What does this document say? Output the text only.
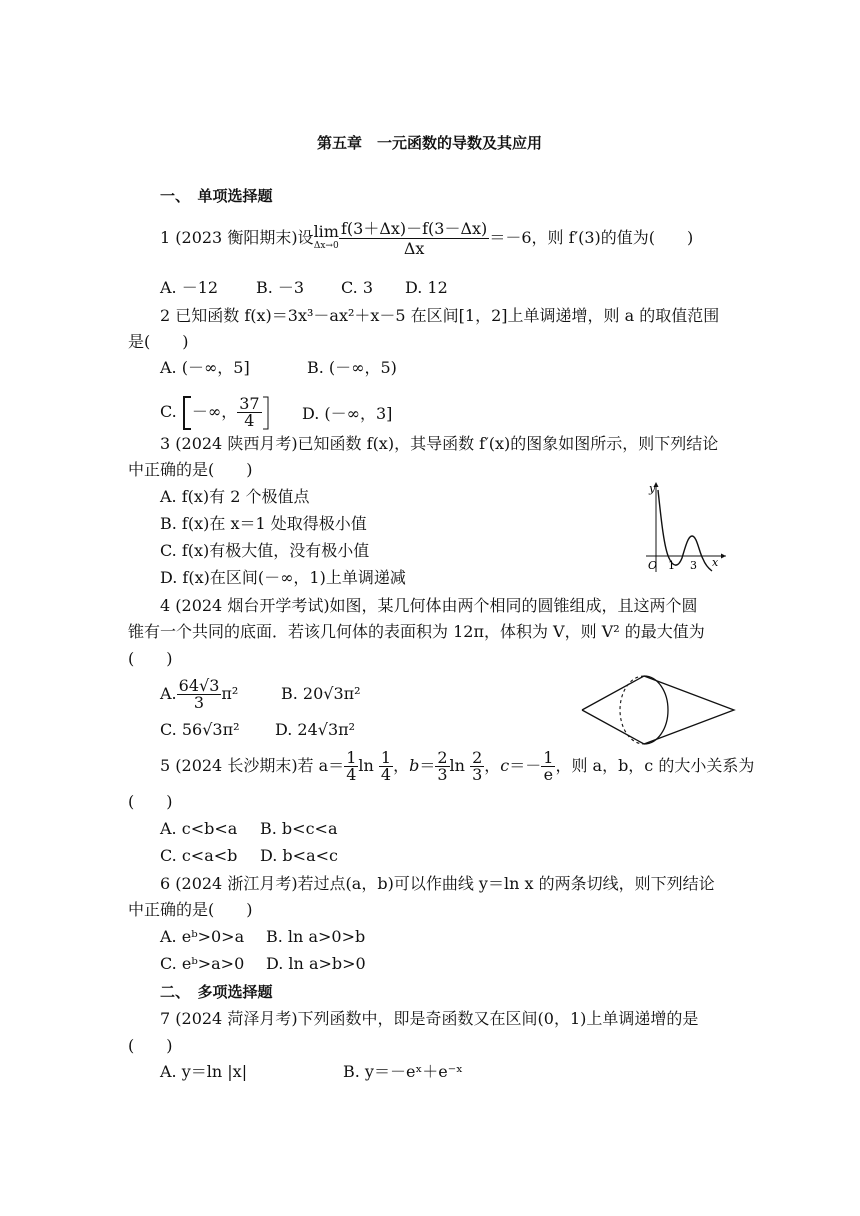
第五章　一元函数的导数及其应用
一、　单项选择题
1 (2023 衡阳期末)设 lim
$\Delta x\to 0 \frac{f(3+\Delta x)-f(3-\Delta x)}{\Delta x} =-6$，则 f′(3)的值为(　　)
A. －12 B. －3 C. 3 D. 12
2 已知函数 f(x)＝3x³－ax²＋x－5 在区间[1，2]上单调递增，则 a 的取值范围
是(　　)
A. (－∞，5]	B. (－∞，5)
C. －∞， $\frac{37}{4}$	D. (－∞，3]
3 (2024 陕西月考)已知函数 f(x)，其导函数 f′(x)的图象如图所示，则下列结论
中正确的是(　　)
A. f(x)有 2 个极值点
B. f(x)在 x＝1 处取得极小值
C. f(x)有极大值，没有极小值
D. f(x)在区间(－∞，1)上单调递减
y
x
O 1 3
4 (2024 烟台开学考试)如图，某几何体由两个相同的圆锥组成，且这两个圆
锥有一个共同的底面．若该几何体的表面积为 12π，体积为 V，则 V² 的最大值为
(　　)
A. $\frac{64√3}{3} \pi^2$	B. 20√3π²
C. 56√3π² D. 24√3π²
5 (2024 长沙期末)若 $a= \frac{1}{4}$ $\ln \frac{1}{4}$ ，$b= \frac{2}{3}$ $\ln \frac{2}{3}$ ，$c=- \frac{1}{e}$ ，则 a，b，c 的大小关系为
(　　)
A. c<b<a B. b<c<a
C. c<a<b D. b<a<c
6 (2024 浙江月考)若过点(a，b)可以作曲线 y＝ln x 的两条切线，则下列结论
中正确的是(　　)
A. eᵇ>0>a B. ln a>0>b
C. eᵇ>a>0 D. ln a>b>0
二、　多项选择题
7 (2024 菏泽月考)下列函数中，即是奇函数又在区间(0，1)上单调递增的是
(　　)
A. y＝ln |x|	B. y＝－eˣ＋e⁻ˣ
